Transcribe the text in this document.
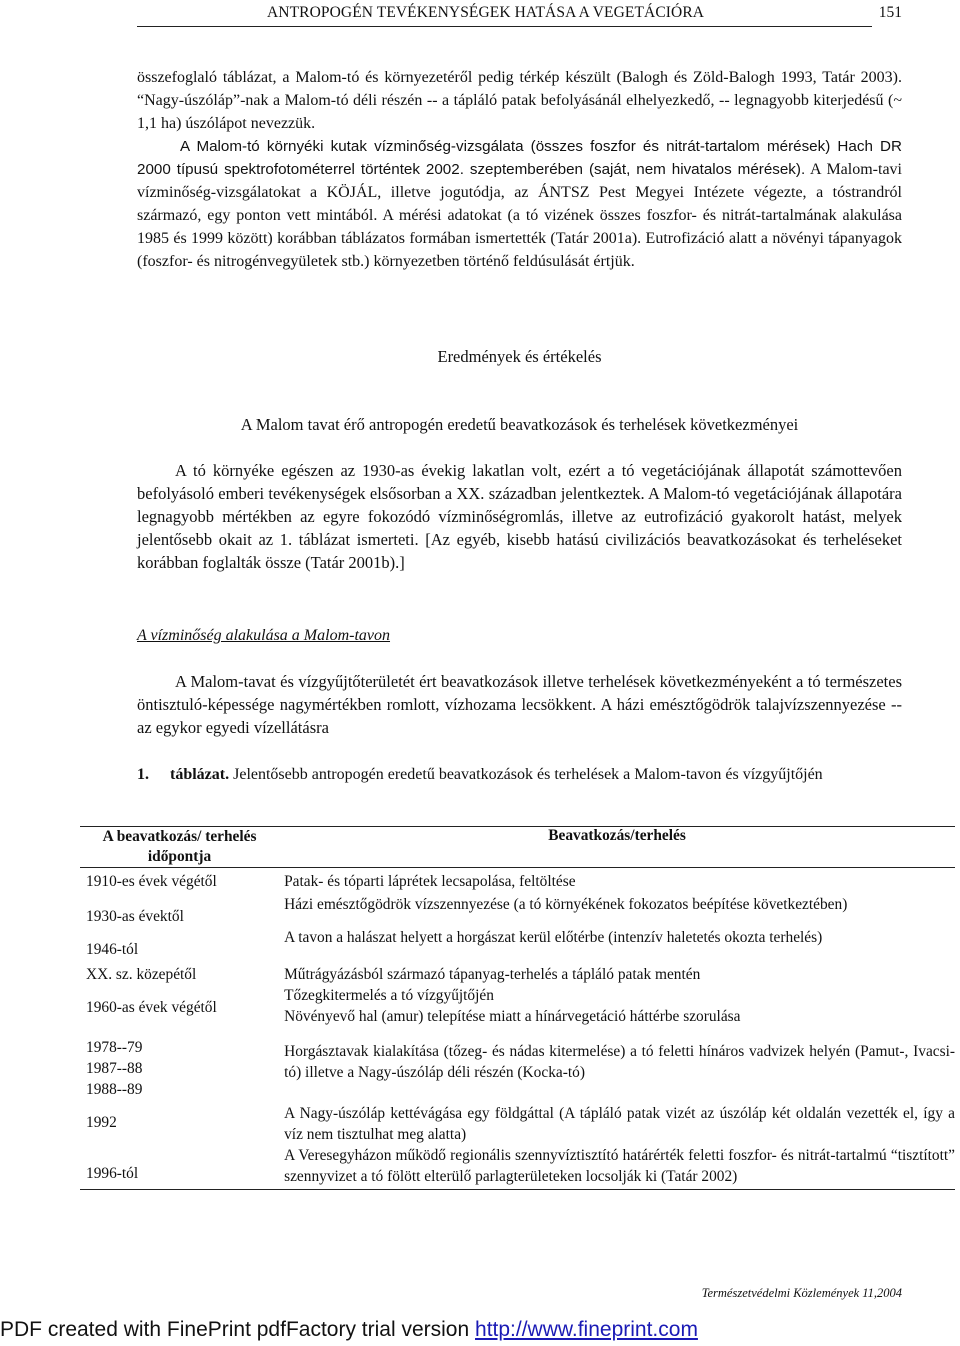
ANTROPOGÉN TEVÉKENYSÉGEK HATÁSA A VEGETÁCIÓRA	151
összefoglaló táblázat, a Malom-tó és környezetéről pedig térkép készült (Balogh és Zöld-Balogh 1993, Tatár 2003). “Nagy-úszóláp”-nak a Malom-tó déli részén -- a tápláló patak befolyásánál elhelyezkedő, -- legnagyobb kiterjedésű (~ 1,1 ha) úszólápot nevezzük.
A Malom-tó környéki kutak vízminőség-vizsgálata (összes foszfor és nitrát-tartalom mérések) Hach DR 2000 típusú spektrofotométerrel történtek 2002. szeptemberében (saját, nem hivatalos mérések). A Malom-tavi vízminőség-vizsgálatokat a KÖJÁL, illetve jogutódja, az ÁNTSZ Pest Megyei Intézete végezte, a tóstrandról származó, egy ponton vett mintából. A mérési adatokat (a tó vizének összes foszfor- és nitrát-tartalmának alakulása 1985 és 1999 között) korábban táblázatos formában ismertették (Tatár 2001a). Eutrofizáció alatt a növényi tápanyagok (foszfor- és nitrogénvegyületek stb.) környezetben történő feldúsulását értjük.
Eredmények és értékelés
A Malom tavat érő antropogén eredetű beavatkozások és terhelések következményei
A tó környéke egészen az 1930-as évekig lakatlan volt, ezért a tó vegetációjának állapotát számottevően befolyásoló emberi tevékenységek elsősorban a XX. században jelentkeztek. A Malom-tó vegetációjának állapotára legnagyobb mértékben az egyre fokozódó vízminőségromlás, illetve az eutrofizáció gyakorolt hatást, melyek jelentősebb okait az 1. táblázat ismerteti. [Az egyéb, kisebb hatású civilizációs beavatkozásokat és terheléseket korábban foglalták össze (Tatár 2001b).]
A vízminőség alakulása a Malom-tavon
A Malom-tavat és vízgyűjtőterületét ért beavatkozások illetve terhelések következményeként a tó természetes öntisztuló-képessége nagymértékben romlott, vízhozama lecsökkent. A házi emésztőgödrök talajvízszennyezése -- az egykor egyedi vízellátásra
1.	táblázat. Jelentősebb antropogén eredetű beavatkozások és terhelések a Malom-tavon és vízgyűjtőjén
A beavatkozás/ terhelés időpontja	Beavatkozás/terhelés
1910-es évek végétől	Patak- és tóparti láprétek lecsapolása, feltöltése
1930-as évektől	Házi emésztőgödrök vízszennyezése (a tó környékének fokozatos beépítése következtében)
1946-tól	A tavon a halászat helyett a horgászat kerül előtérbe (intenzív haletetés okozta terhelés)
XX. sz. közepétől	Műtrágyázásból származó tápanyag-terhelés a tápláló patak mentén
1960-as évek végétől	Tőzegkitermelés a tó vízgyűjtőjén
	Növényevő hal (amur) telepítése miatt a hínárvegetáció háttérbe szorulása

1978--79
1987--88
1988--89	Horgásztavak kialakítása (tőzeg- és nádas kitermelése) a tó feletti hínáros vadvizek helyén (Pamut-, Ivacsi-tó) illetve a Nagy-úszóláp déli részén (Kocka-tó)
1992	A Nagy-úszóláp kettévágása egy földgáttal (A tápláló patak vizét az úszóláp két oldalán vezették el, így a víz nem tisztulhat meg alatta)
1996-tól	A Veresegyházon működő regionális szennyvíztisztító határérték feletti foszfor- és nitrát-tartalmú “tisztított” szennyvizet a tó fölött elterülő parlagterületeken locsolják ki (Tatár 2002)
Természetvédelmi Közlemények 11,2004
PDF created with FinePrint pdfFactory trial version http://www.fineprint.com
